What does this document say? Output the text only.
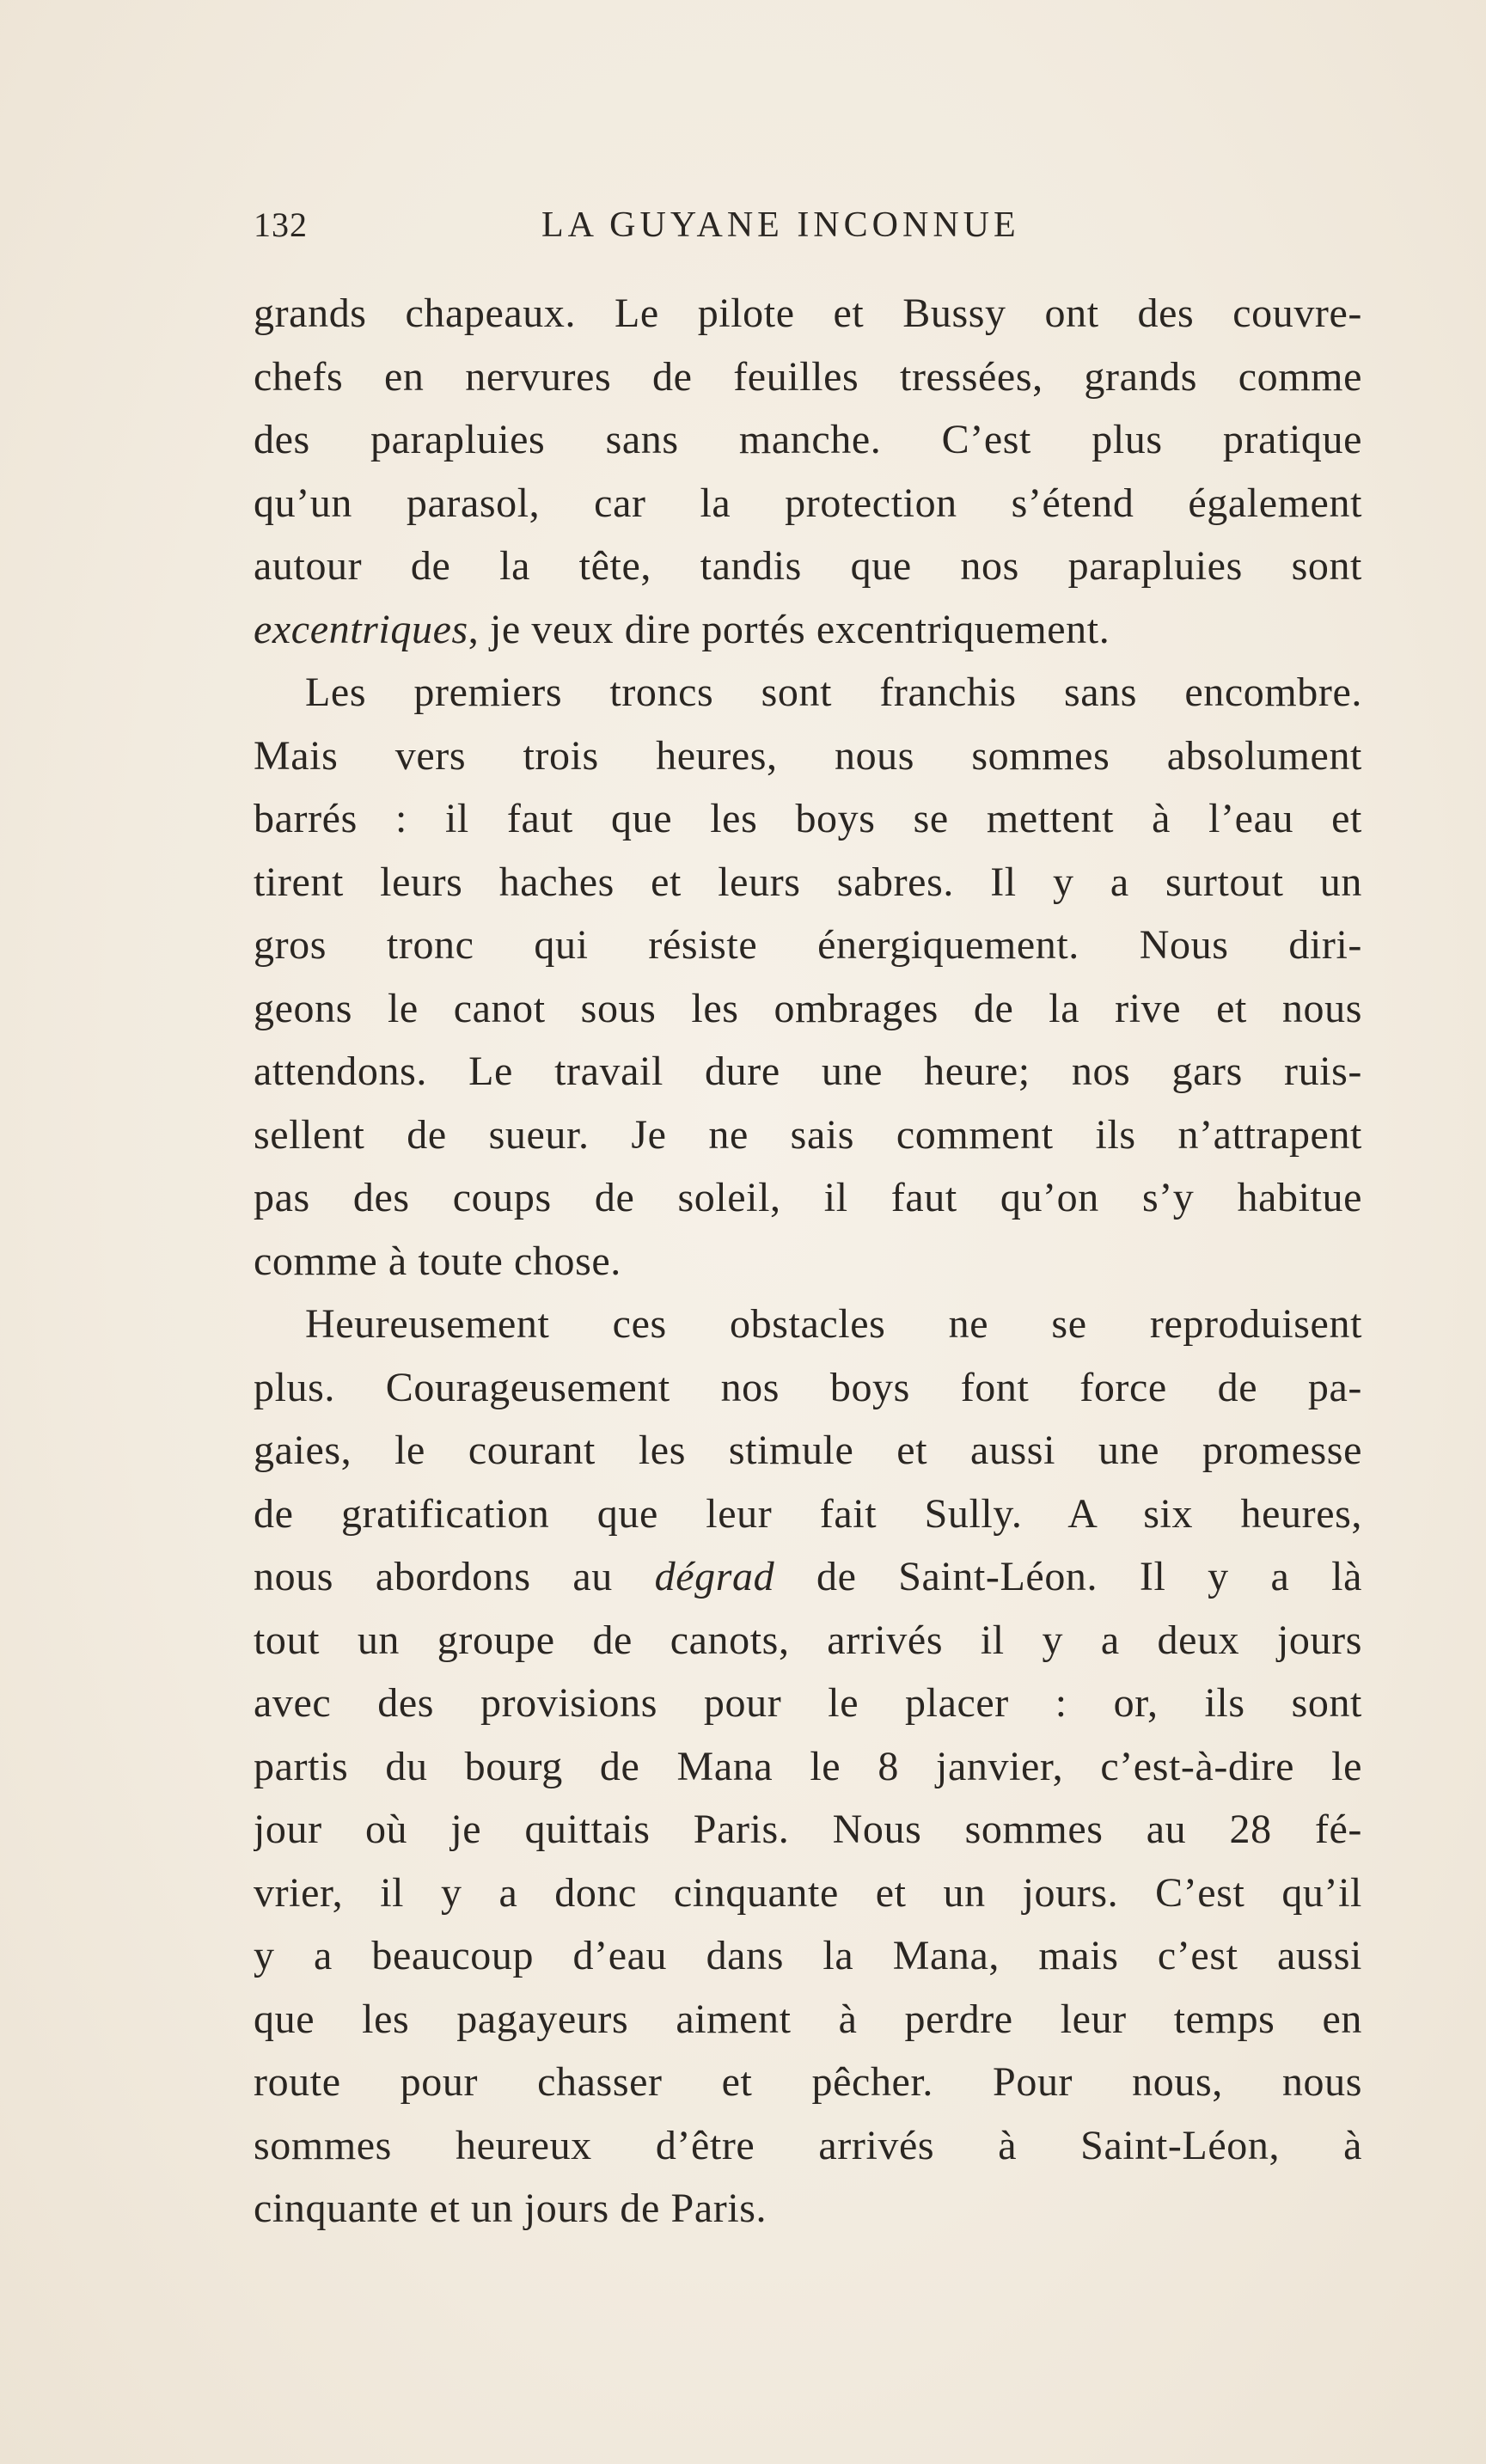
132	LA GUYANE INCONNUE
grands chapeaux. Le pilote et Bussy ont des couvre-
chefs en nervures de feuilles tressées, grands comme
des parapluies sans manche. C’est plus pratique
qu’un parasol, car la protection s’étend également
autour de la tête, tandis que nos parapluies sont
excentriques, je veux dire portés excentriquement.
Les premiers troncs sont franchis sans encombre.
Mais vers trois heures, nous sommes absolument
barrés : il faut que les boys se mettent à l’eau et
tirent leurs haches et leurs sabres. Il y a surtout un
gros tronc qui résiste énergiquement. Nous diri-
geons le canot sous les ombrages de la rive et nous
attendons. Le travail dure une heure; nos gars ruis-
sellent de sueur. Je ne sais comment ils n’attrapent
pas des coups de soleil, il faut qu’on s’y habitue
comme à toute chose.
Heureusement ces obstacles ne se reproduisent
plus. Courageusement nos boys font force de pa-
gaies, le courant les stimule et aussi une promesse
de gratification que leur fait Sully. A six heures,
nous abordons au dégrad de Saint-Léon. Il y a là
tout un groupe de canots, arrivés il y a deux jours
avec des provisions pour le placer : or, ils sont
partis du bourg de Mana le 8 janvier, c’est-à-dire le
jour où je quittais Paris. Nous sommes au 28 fé-
vrier, il y a donc cinquante et un jours. C’est qu’il
y a beaucoup d’eau dans la Mana, mais c’est aussi
que les pagayeurs aiment à perdre leur temps en
route pour chasser et pêcher. Pour nous, nous
sommes heureux d’être arrivés à Saint-Léon, à
cinquante et un jours de Paris.
